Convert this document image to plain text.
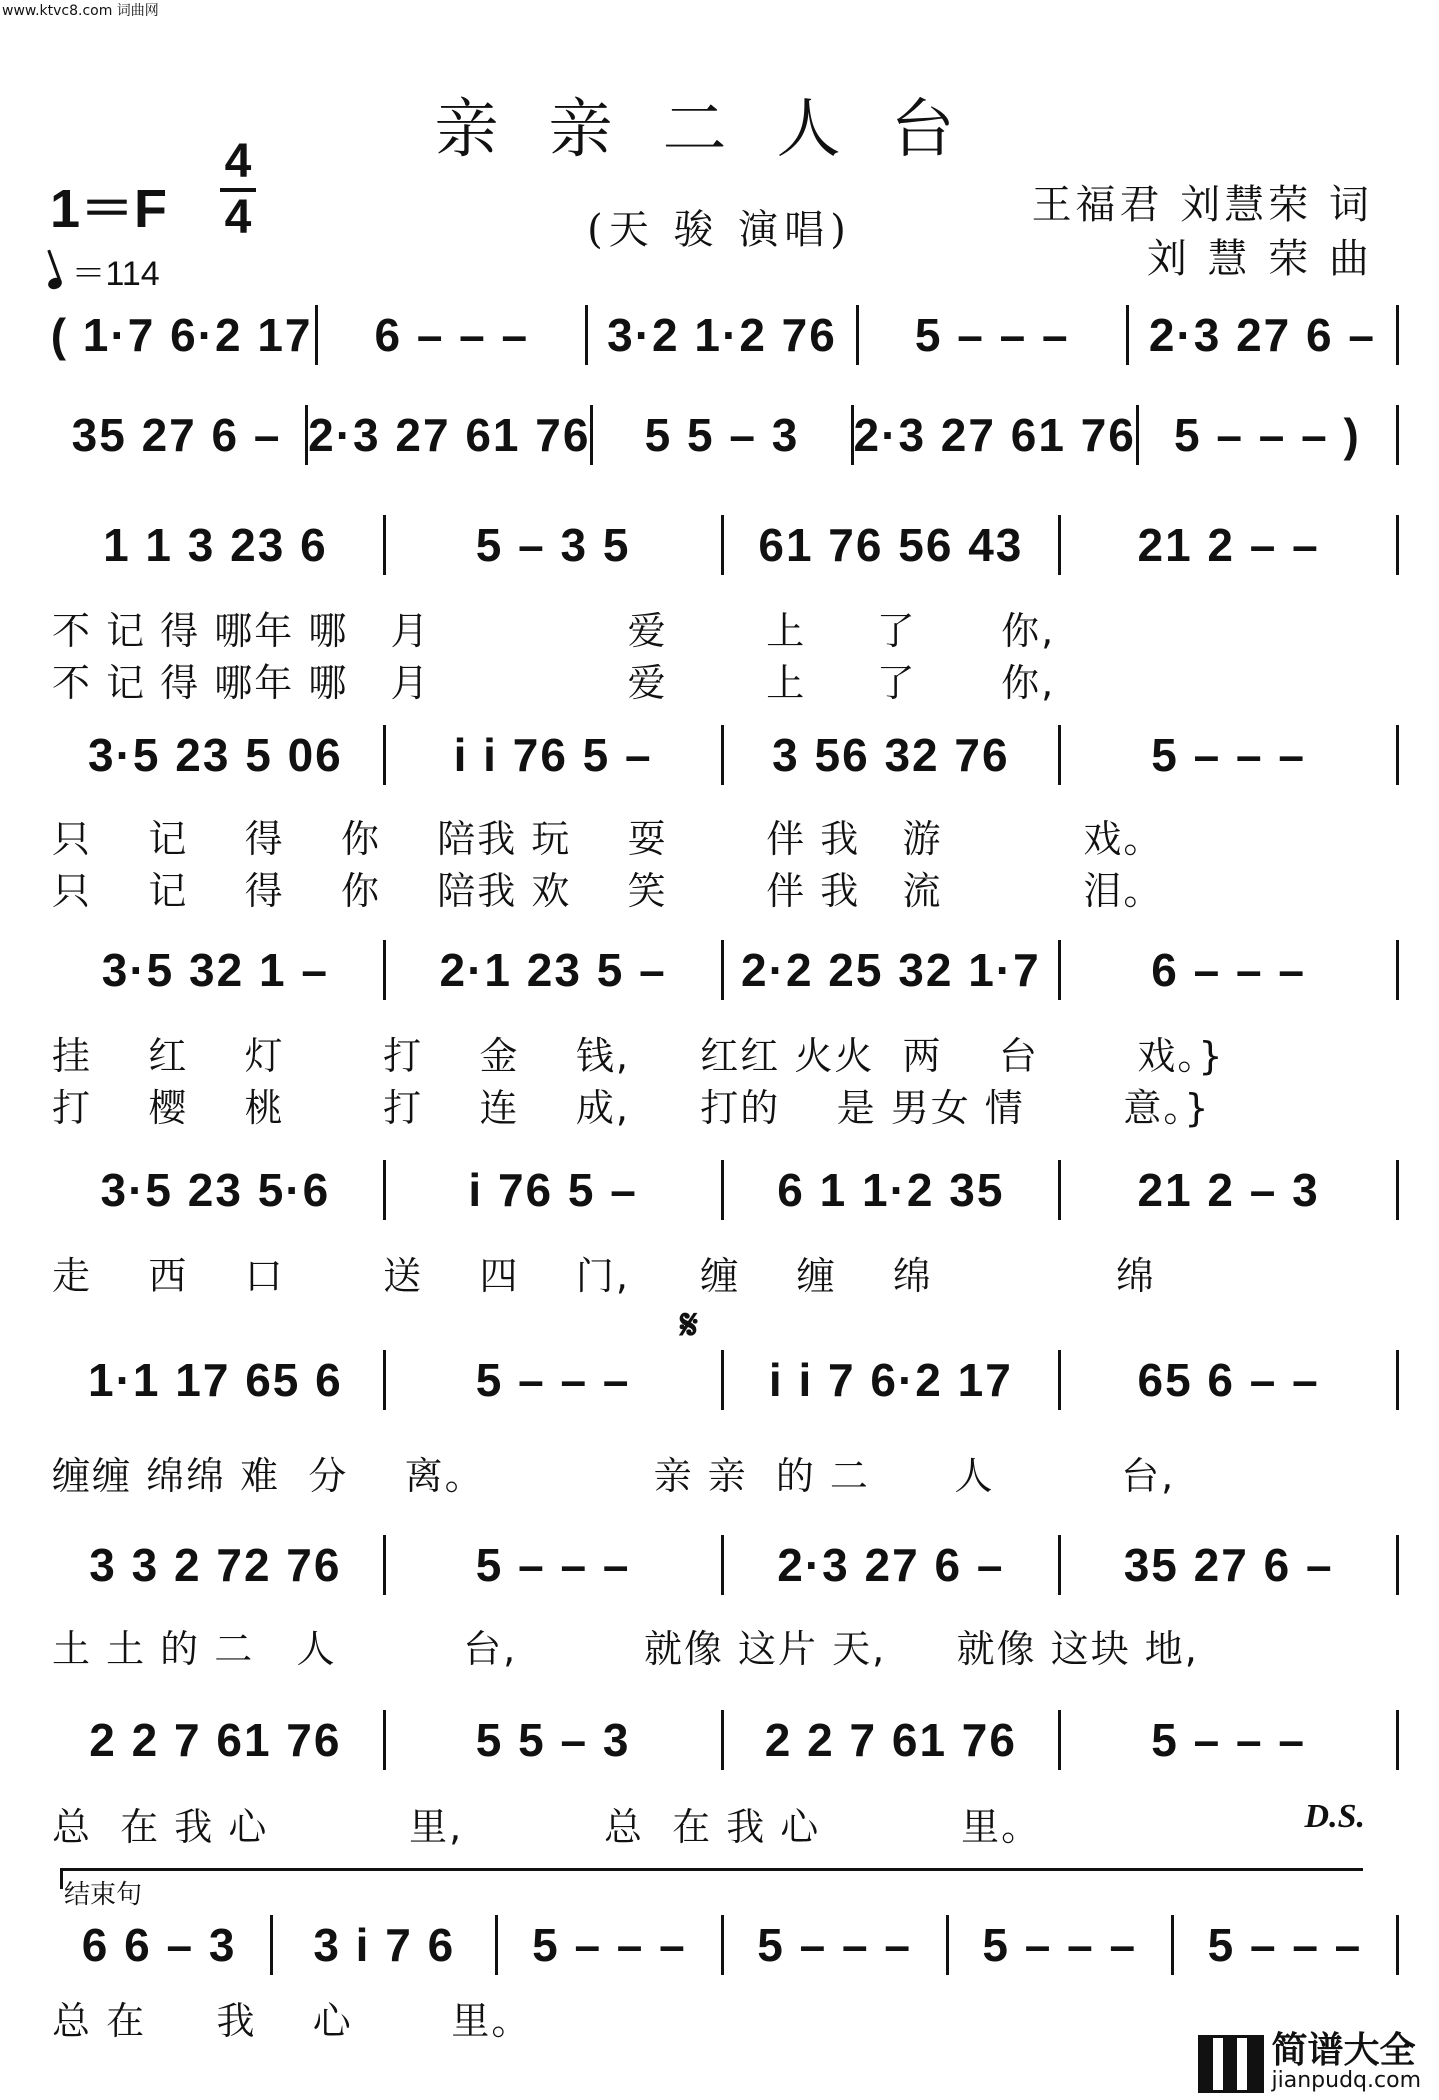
www.ktvc8.com 词曲网
亲亲二人台
(天 骏 演唱)
1＝F
4
4
＝114
王福君 刘慧荣 词
刘 慧 荣 曲
( 1·7 6·2 17	6 – – –	3·2 1·2 76	5 – – –	2·3 27 6 –
35 27 6 – 2·3 27 61 76	5 5 – 3	2·3 27 61 76 5 – – – )
1 1 3 23 6	5 – 3 5	61 76 56 43	21 2 – –
不 记 得 哪年 哪   月              爱       上     了      你,
不 记 得 哪年 哪   月              爱       上     了      你,
3·5 23 5 06	i i 76 5 –	3 56 32 76	5 – – –
只    记    得    你    陪我 玩    耍       伴 我   游          戏。
只    记    得    你    陪我 欢    笑       伴 我   流          泪。
3·5 32 1 –	2·1 23 5 –	2·2 25 32 1·7	6 – – –
挂    红    灯       打    金    钱,     红红 火火  两    台       戏。}
打    樱    桃       打    连    成,     打的    是 男女 情       意。}
3·5 23 5·6	i 76 5 –	6 1 1·2 35	21 2 – 3
走    西    口       送    四    门,     缠    缠    绵             绵
𝄋
1·1 17 65 6	5 – – –	i i 7 6·2 17	65 6 – –
缠缠 绵绵 难  分    离。            亲 亲  的 二      人         台,
3 3 2 72 76	5 – – –	2·3 27 6 –	35 27 6 –
土 土 的 二   人         台,         就像 这片 天,     就像 这块 地,
2 2 7 61 76	5 5 – 3	2 2 7 61 76	5 – – –
总  在 我 心          里,          总  在 我 心          里。	D.S.
结束句
6 6 – 3	3 i 7 6	5 – – –	5 – – –	5 – – –	5 – – –
总 在     我    心       里。
简谱大全
jianpudq.com
